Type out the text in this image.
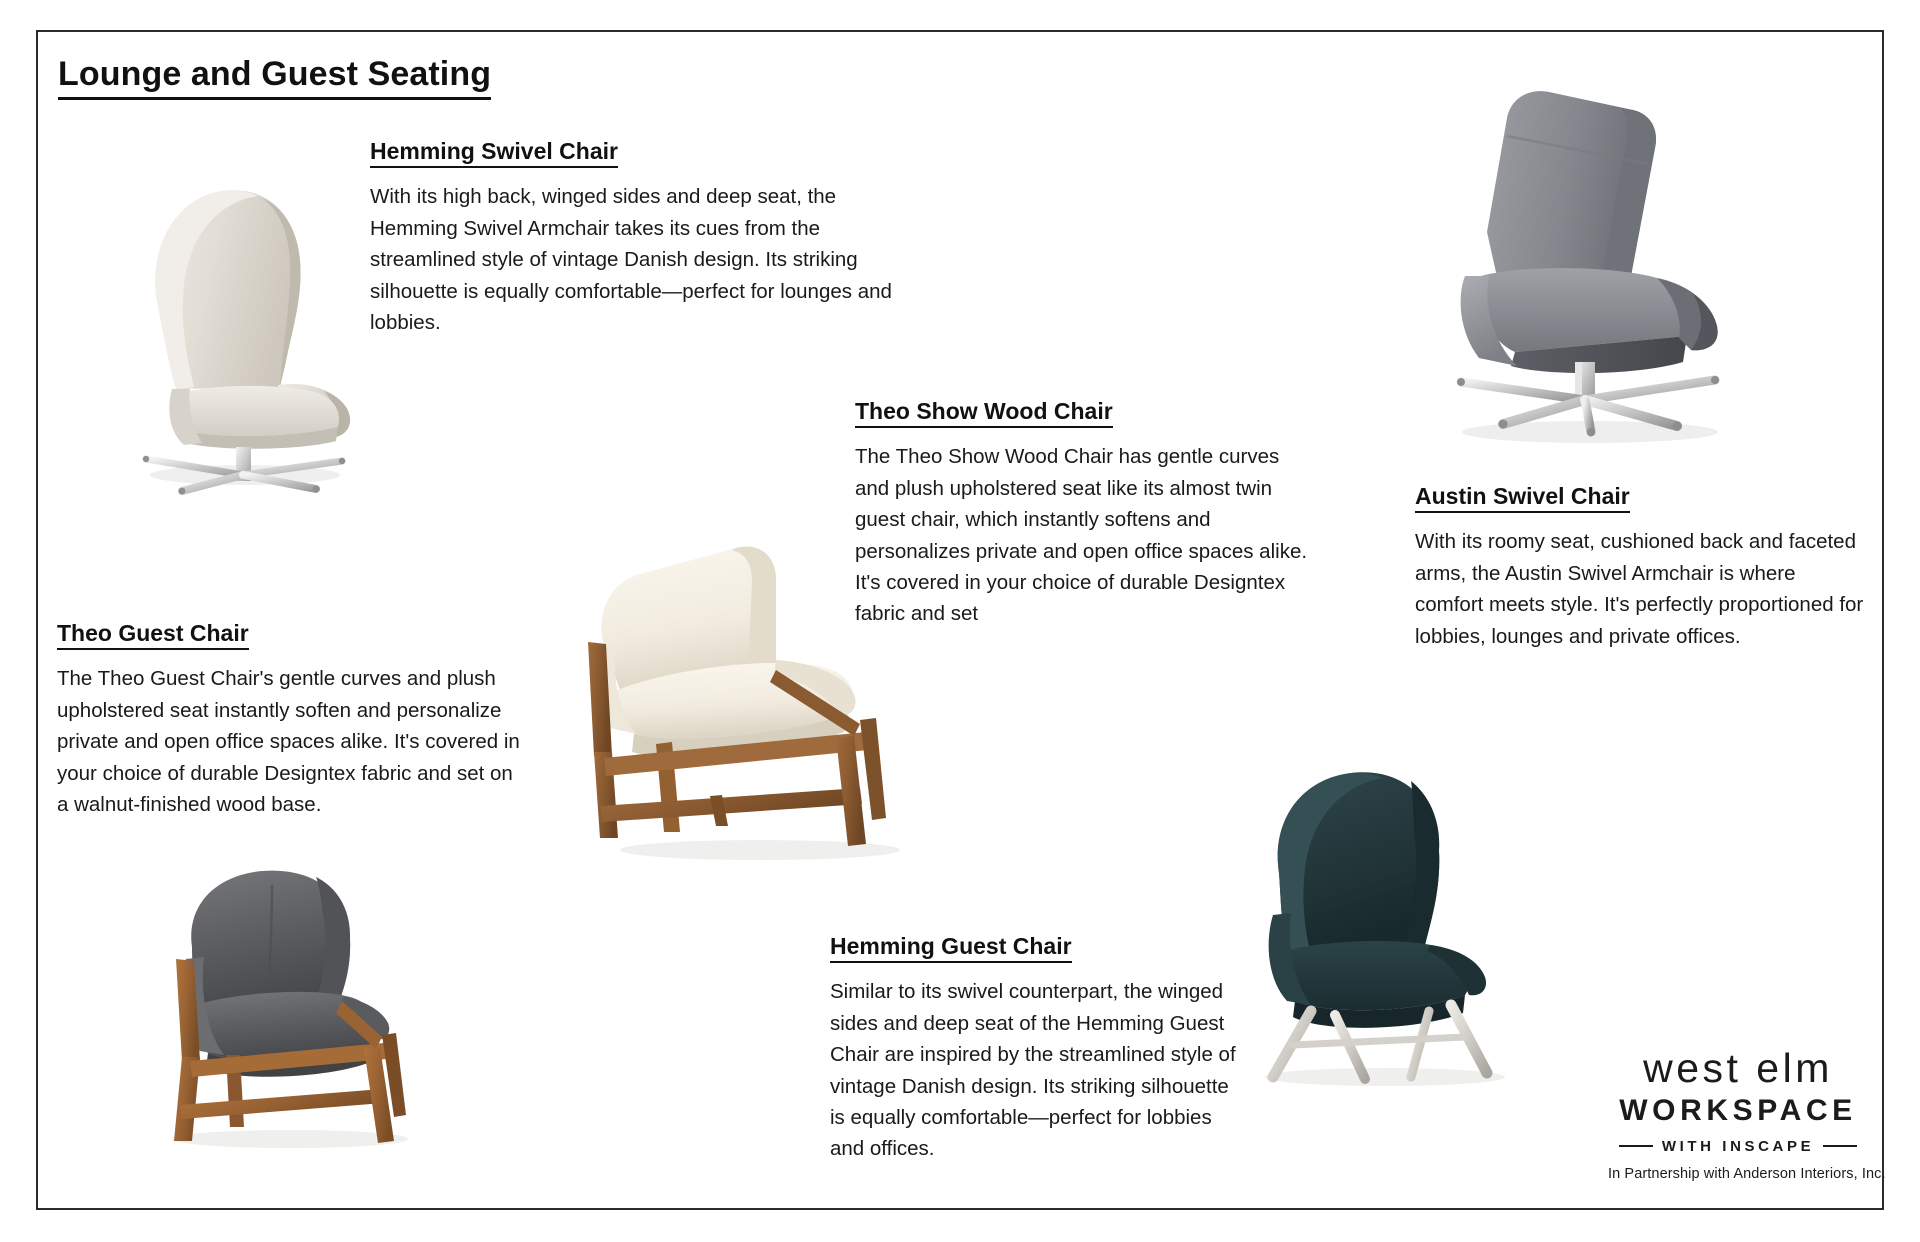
Lounge and Guest Seating
Hemming Swivel Chair

With its high back, winged sides and deep seat, the Hemming Swivel Armchair takes its cues from the streamlined style of vintage Danish design. Its striking silhouette is equally comfortable—perfect for lounges and lobbies.

Theo Show Wood Chair

The Theo Show Wood Chair has gentle curves and plush upholstered seat like its almost twin guest chair, which instantly softens and personalizes private and open office spaces alike. It's covered in your choice of durable Designtex fabric and set

Austin Swivel Chair

With its roomy seat, cushioned back and faceted arms, the Austin Swivel Armchair is where comfort meets style. It's perfectly proportioned for lobbies, lounges and private offices.

Theo Guest Chair

The Theo Guest Chair's gentle curves and plush upholstered seat instantly soften and personalize private and open office spaces alike. It's covered in your choice of durable Designtex fabric and set on a walnut-finished wood base.

Hemming Guest Chair

Similar to its swivel counterpart, the winged sides and deep seat of the Hemming Guest Chair are inspired by the streamlined style of vintage Danish design. Its striking silhouette is equally comfortable—perfect for lobbies and offices.

west elm
WORKSPACE
WITH INSCAPE
In Partnership with Anderson Interiors, Inc.
